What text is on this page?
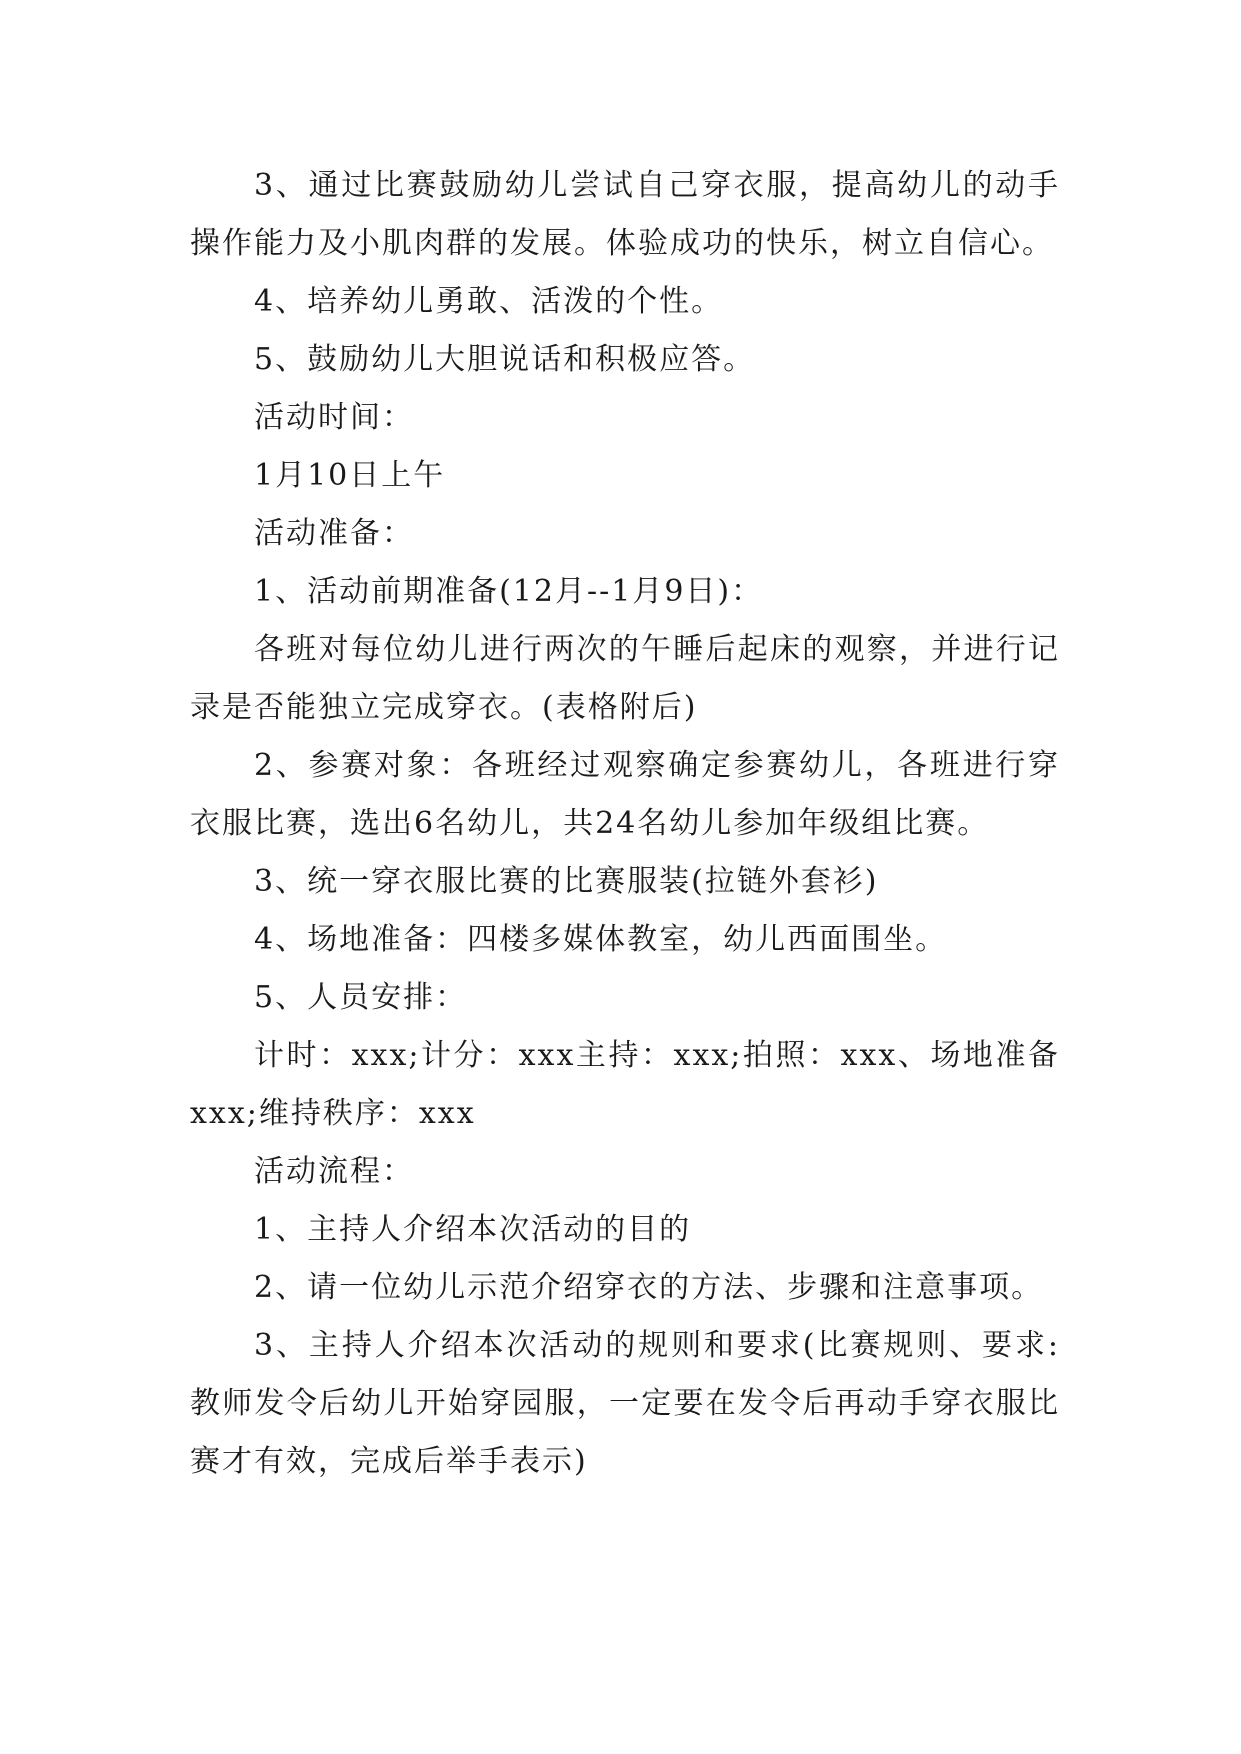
3、通过比赛鼓励幼儿尝试自己穿衣服，提高幼儿的动手操作能力及小肌肉群的发展。体验成功的快乐，树立自信心。

4、培养幼儿勇敢、活泼的个性。

5、鼓励幼儿大胆说话和积极应答。

活动时间：

1月10日上午

活动准备：

1、活动前期准备(12月--1月9日)：

各班对每位幼儿进行两次的午睡后起床的观察，并进行记录是否能独立完成穿衣。(表格附后)

2、参赛对象：各班经过观察确定参赛幼儿，各班进行穿衣服比赛，选出6名幼儿，共24名幼儿参加年级组比赛。

3、统一穿衣服比赛的比赛服装(拉链外套衫)

4、场地准备：四楼多媒体教室，幼儿西面围坐。

5、人员安排：

计时：xxx;计分：xxx主持：xxx;拍照：xxx、场地准备xxx;维持秩序：xxx

活动流程：

1、主持人介绍本次活动的目的

2、请一位幼儿示范介绍穿衣的方法、步骤和注意事项。

3、主持人介绍本次活动的规则和要求(比赛规则、要求:教师发令后幼儿开始穿园服，一定要在发令后再动手穿衣服比赛才有效，完成后举手表示)
